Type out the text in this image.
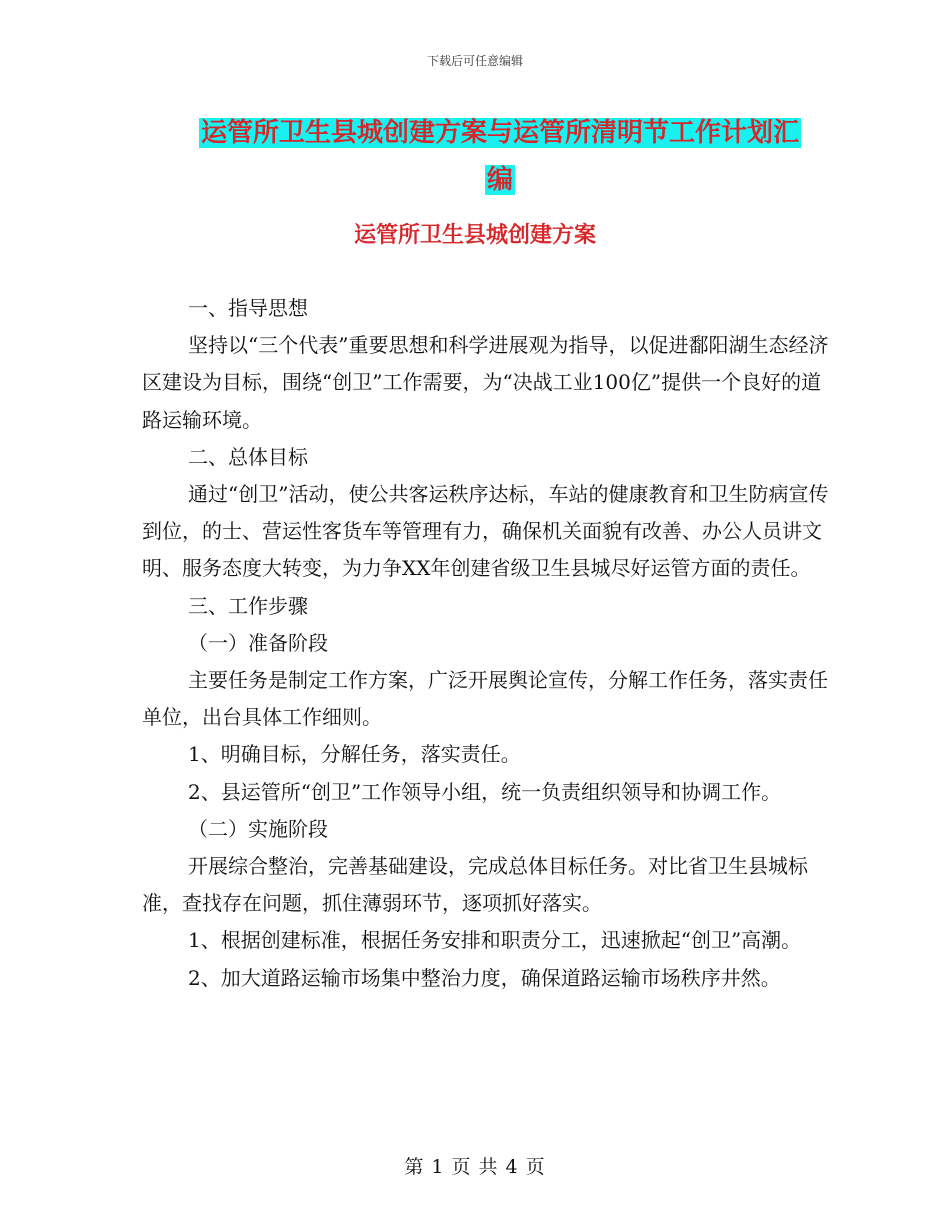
下载后可任意编辑
运管所卫生县城创建方案与运管所清明节工作计划汇
编
运管所卫生县城创建方案

一、指导思想

坚持以“三个代表”重要思想和科学进展观为指导，以促进鄱阳湖生态经济区建设为目标，围绕“创卫”工作需要，为“决战工业100亿”提供一个良好的道路运输环境。

二、总体目标

通过“创卫”活动，使公共客运秩序达标，车站的健康教育和卫生防病宣传到位，的士、营运性客货车等管理有力，确保机关面貌有改善、办公人员讲文明、服务态度大转变，为力争XX年创建省级卫生县城尽好运管方面的责任。

三、工作步骤

（一）准备阶段

主要任务是制定工作方案，广泛开展舆论宣传，分解工作任务，落实责任单位，出台具体工作细则。

1、明确目标，分解任务，落实责任。

2、县运管所“创卫”工作领导小组，统一负责组织领导和协调工作。

（二）实施阶段

开展综合整治，完善基础建设，完成总体目标任务。对比省卫生县城标准，查找存在问题，抓住薄弱环节，逐项抓好落实。

1、根据创建标准，根据任务安排和职责分工，迅速掀起“创卫”高潮。

2、加大道路运输市场集中整治力度，确保道路运输市场秩序井然。

第 1 页 共 4 页
